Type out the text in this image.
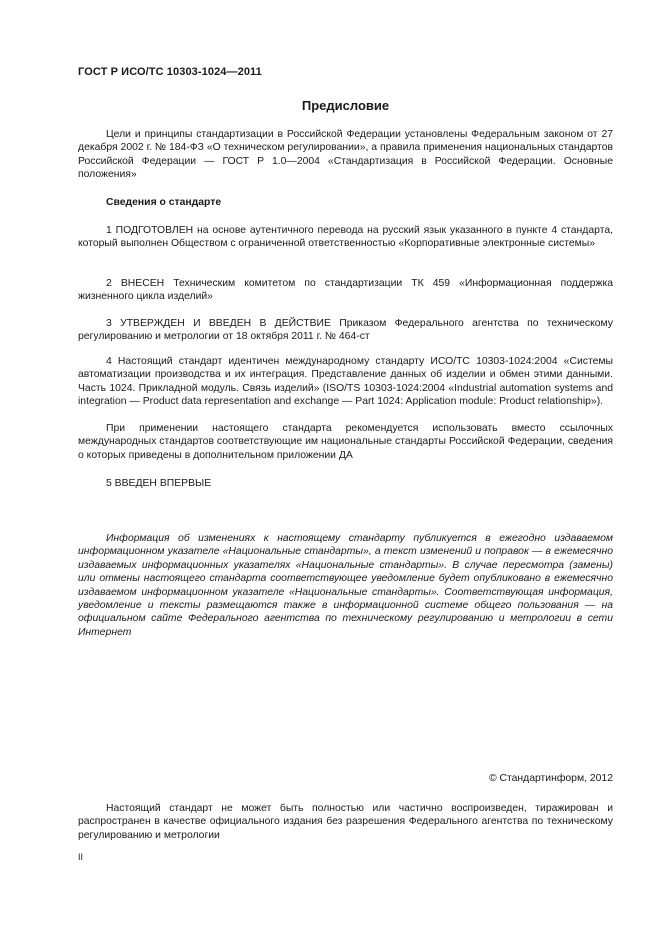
ГОСТ Р ИСО/ТС 10303-1024—2011
Предисловие
Цели и принципы стандартизации в Российской Федерации установлены Федеральным законом от 27 декабря 2002 г. № 184-ФЗ «О техническом регулировании», а правила применения национальных стандартов Российской Федерации — ГОСТ Р 1.0—2004 «Стандартизация в Российской Федерации. Основные положения»
Сведения о стандарте
1 ПОДГОТОВЛЕН на основе аутентичного перевода на русский язык указанного в пункте 4 стандарта, который выполнен Обществом с ограниченной ответственностью «Корпоративные электронные системы»
2 ВНЕСЕН Техническим комитетом по стандартизации ТК 459 «Информационная поддержка жизненного цикла изделий»
3 УТВЕРЖДЕН И ВВЕДЕН В ДЕЙСТВИЕ Приказом Федерального агентства по техническому регулированию и метрологии от 18 октября 2011 г. № 464-ст
4 Настоящий стандарт идентичен международному стандарту ИСО/ТС 10303-1024:2004 «Системы автоматизации производства и их интеграция. Представление данных об изделии и обмен этими данными. Часть 1024. Прикладной модуль. Связь изделий» (ISO/TS 10303-1024:2004 «Industrial automation systems and integration — Product data representation and exchange — Part 1024: Application module: Product relationship»).
При применении настоящего стандарта рекомендуется использовать вместо ссылочных международных стандартов соответствующие им национальные стандарты Российской Федерации, сведения о которых приведены в дополнительном приложении ДА
5 ВВЕДЕН ВПЕРВЫЕ
Информация об изменениях к настоящему стандарту публикуется в ежегодно издаваемом информационном указателе «Национальные стандарты», а текст изменений и поправок — в ежемесячно издаваемых информационных указателях «Национальные стандарты». В случае пересмотра (замены) или отмены настоящего стандарта соответствующее уведомление будет опубликовано в ежемесячно издаваемом информационном указателе «Национальные стандарты». Соответствующая информация, уведомление и тексты размещаются также в информационной системе общего пользования — на официальном сайте Федерального агентства по техническому регулированию и метрологии в сети Интернет
© Стандартинформ, 2012
Настоящий стандарт не может быть полностью или частично воспроизведен, тиражирован и распространен в качестве официального издания без разрешения Федерального агентства по техническому регулированию и метрологии
II
